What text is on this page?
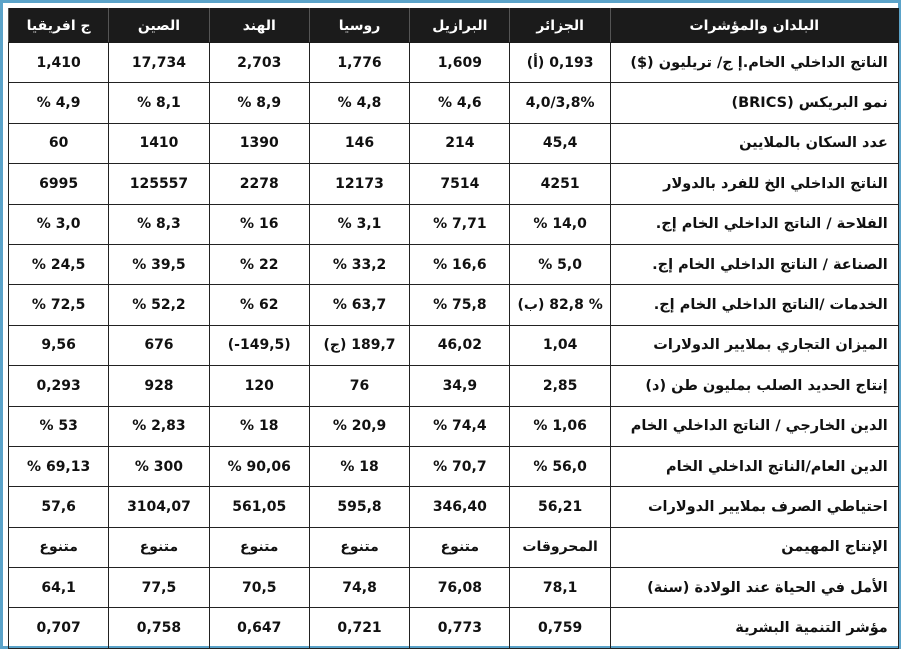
البلدان والمؤشرات	الجزائر	البرازيل	روسيا	الهند	الصين	ج افريقيا
الناتج الداخلي الخام.إ ج/ تريليون ($)	0,193 (أ)	1,609	1,776	2,703	17,734	1,410
نمو البريكس (BRICS)	4,0/3,8%	4,6 %	4,8 %	8,9 %	8,1 %	4,9 %
عدد السكان بالملايين	45,4	214	146	1390	1410	60
الناتج الداخلي الخ للفرد بالدولار	4251	7514	12173	2278	125557	6995
الفلاحة / الناتج الداخلي الخام إج.	14,0 %	7,71 %	3,1 %	16 %	8,3 %	3,0 %
الصناعة / الناتج الداخلي الخام إج.	5,0 %	16,6 %	33,2 %	22 %	39,5 %	24,5 %
الخدمات /الناتج الداخلي الخام إج.	% 82,8 (ب)	75,8 %	63,7 %	62 %	52,2 %	72,5 %
الميزان التجاري بملايير الدولارات	1,04	46,02	189,7 (ج)	(149,5-)	676	9,56
إنتاج الحديد الصلب بمليون طن (د)	2,85	34,9	76	120	928	0,293
الدين الخارجي / الناتج الداخلي الخام	1,06 %	74,4 %	20,9 %	18 %	2,83 %	53 %
الدين العام/الناتج الداخلي الخام	56,0 %	70,7 %	18 %	90,06 %	300 %	69,13 %
احتياطي الصرف بملايير الدولارات	56,21	346,40	595,8	561,05	3104,07	57,6
الإنتاج المهيمن	المحروقات	متنوع	متنوع	متنوع	متنوع	متنوع
الأمل في الحياة عند الولادة (سنة)	78,1	76,08	74,8	70,5	77,5	64,1
مؤشر التنمية البشرية	0,759	0,773	0,721	0,647	0,758	0,707
